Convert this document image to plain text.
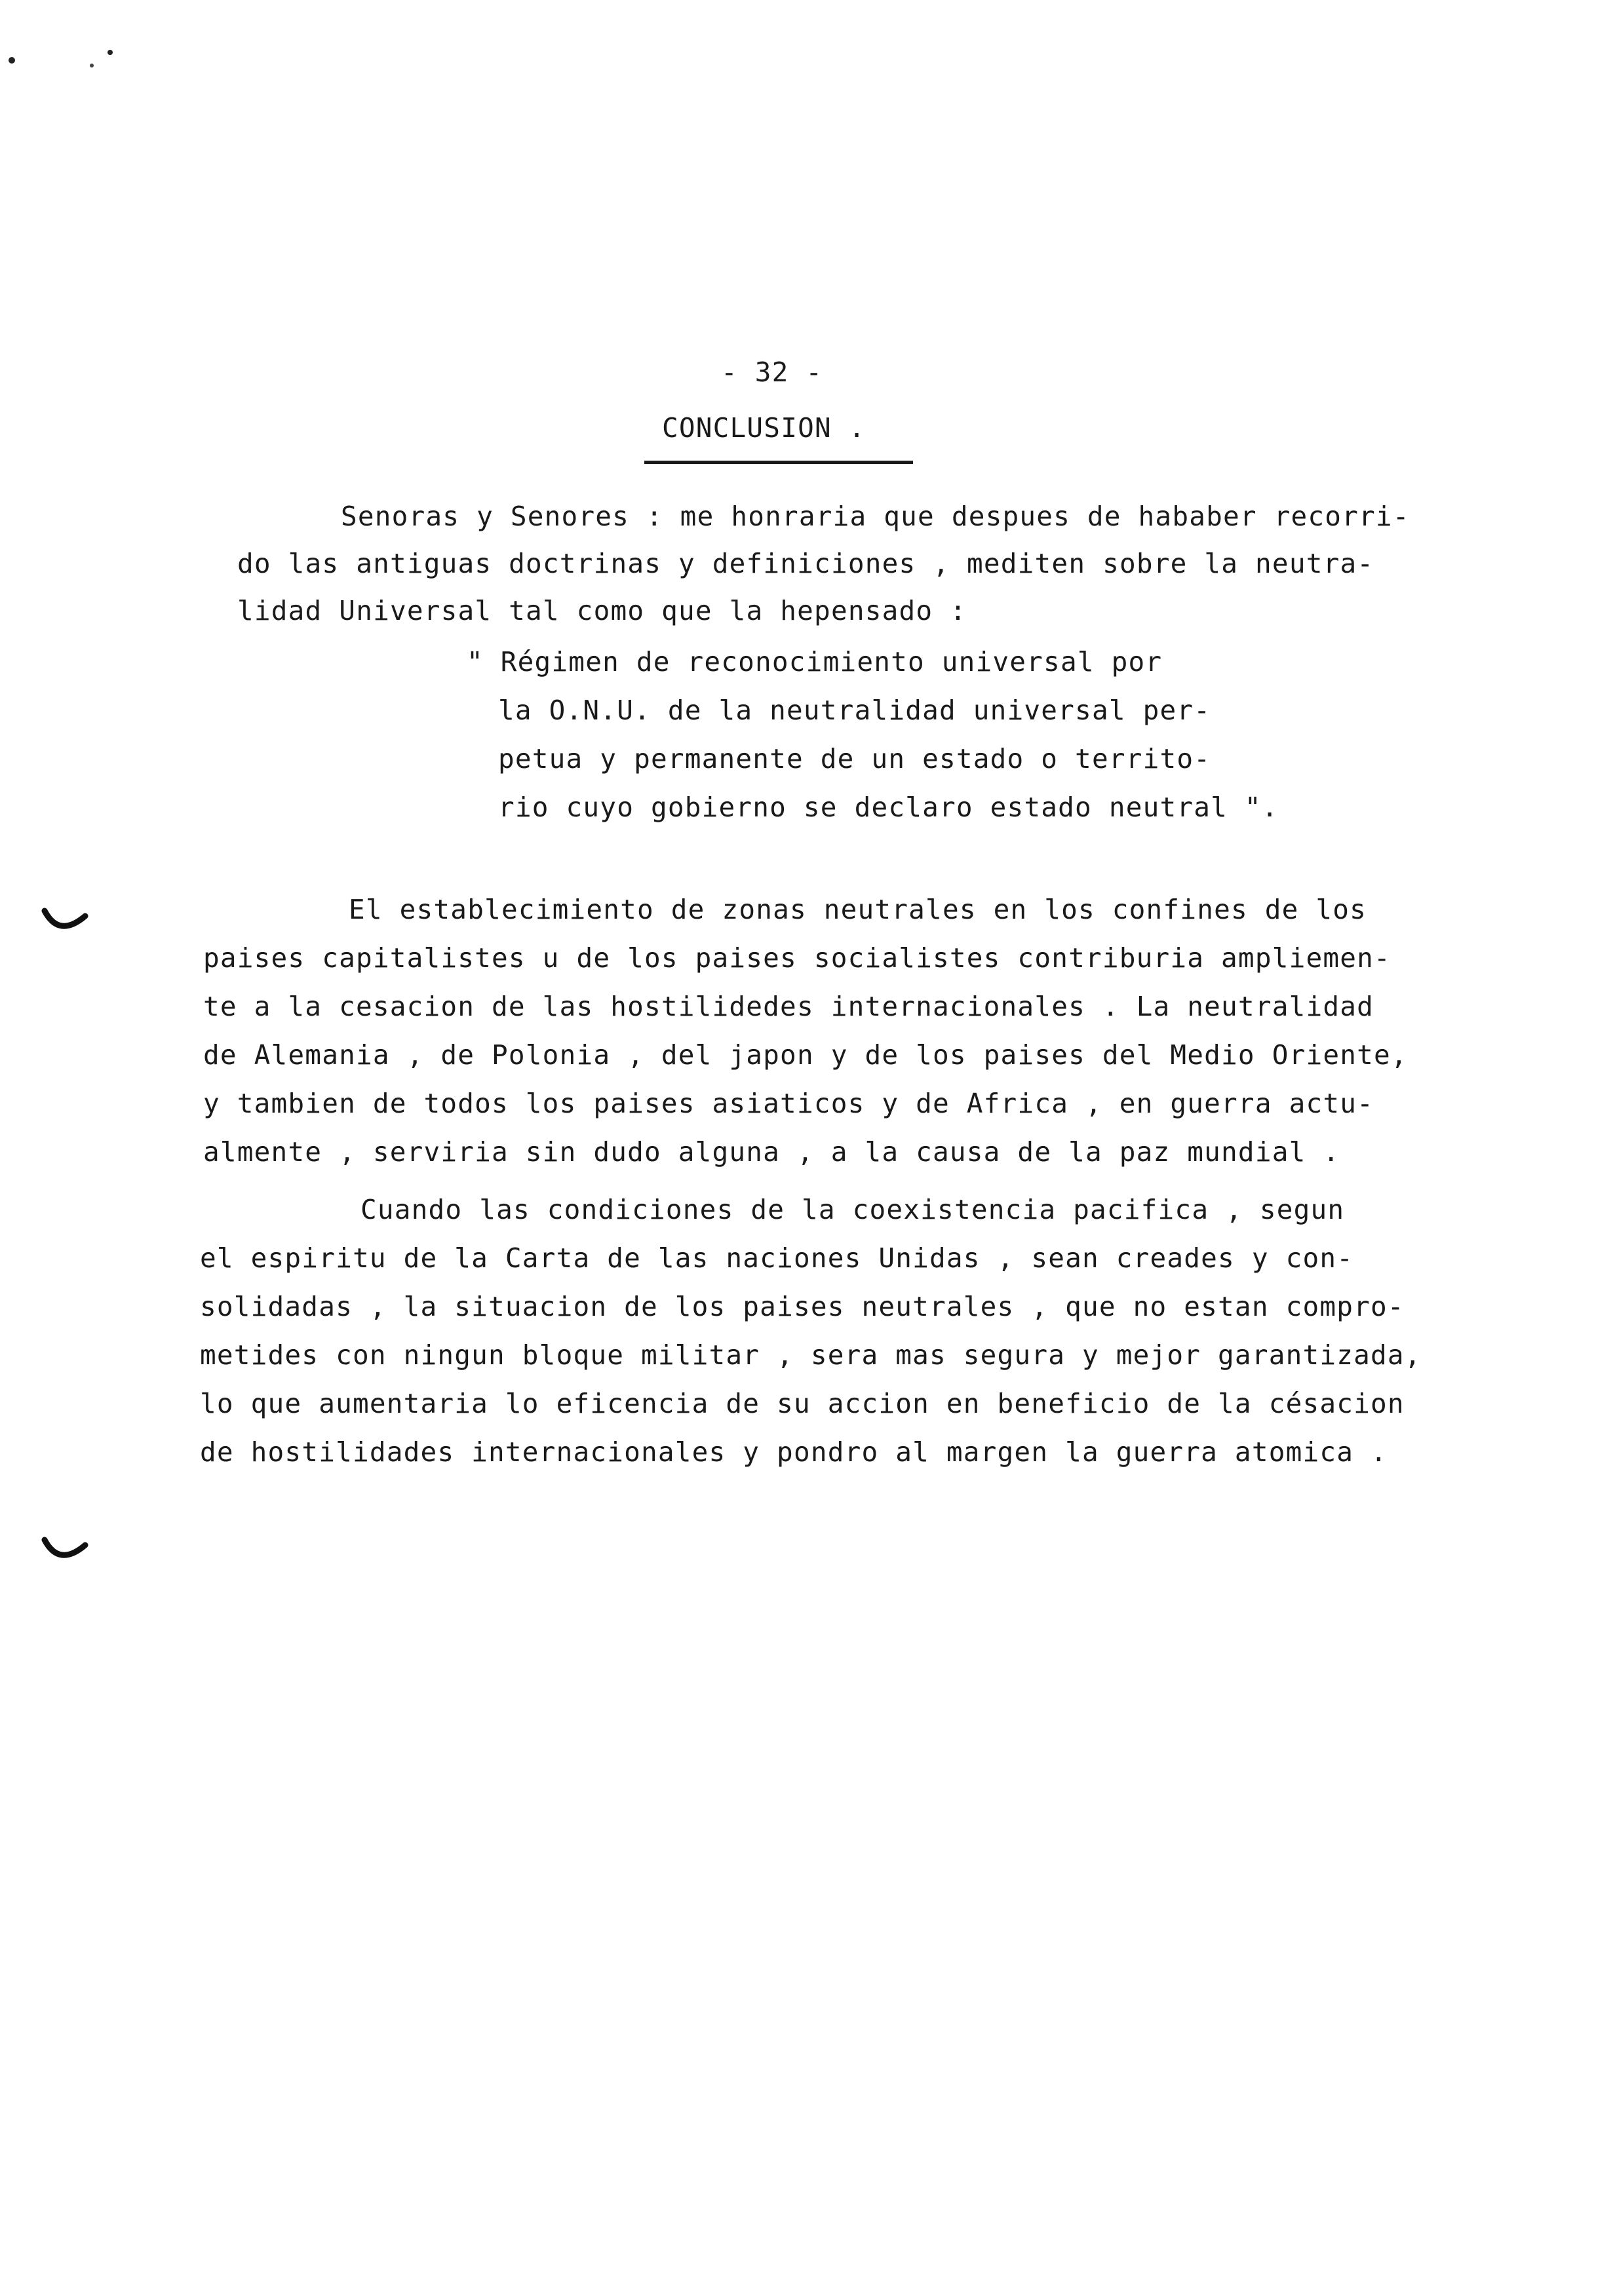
- 32 -
CONCLUSION .
Senoras y Senores : me honraria que despues de hababer recorri-
do las antiguas doctrinas y definiciones , mediten sobre la neutra-
lidad Universal tal como que la hepensado :
" Régimen de reconocimiento universal por
la O.N.U. de la neutralidad universal per-
petua y permanente de un estado o territo-
rio cuyo gobierno se declaro estado neutral ".
El establecimiento de zonas neutrales en los confines de los
paises capitalistes u de los paises socialistes contriburia ampliemen-
te a la cesacion de las hostilidedes internacionales . La neutralidad
de Alemania , de Polonia , del japon y de los paises del Medio Oriente,
y tambien de todos los paises asiaticos y de Africa , en guerra actu-
almente , serviria sin dudo alguna , a la causa de la paz mundial .
Cuando las condiciones de la coexistencia pacifica , segun
el espiritu de la Carta de las naciones Unidas , sean creades y con-
solidadas , la situacion de los paises neutrales , que no estan compro-
metides con ningun bloque militar , sera mas segura y mejor garantizada,
lo que aumentaria lo eficencia de su accion en beneficio de la césacion
de hostilidades internacionales y pondro al margen la guerra atomica .
